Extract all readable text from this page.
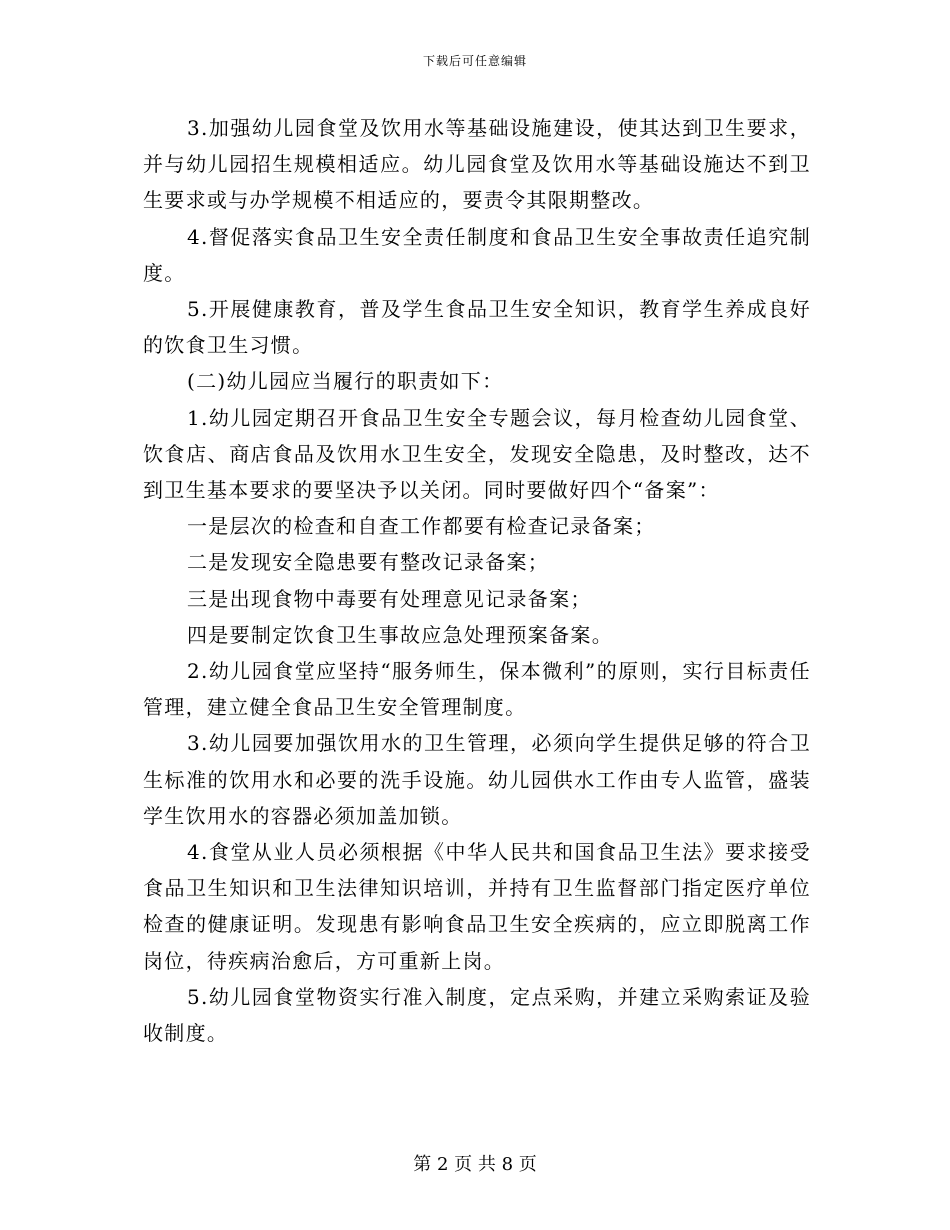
下载后可任意编辑

3.加强幼儿园食堂及饮用水等基础设施建设，使其达到卫生要求，并与幼儿园招生规模相适应。幼儿园食堂及饮用水等基础设施达不到卫生要求或与办学规模不相适应的，要责令其限期整改。

4.督促落实食品卫生安全责任制度和食品卫生安全事故责任追究制度。

5.开展健康教育，普及学生食品卫生安全知识，教育学生养成良好的饮食卫生习惯。

(二)幼儿园应当履行的职责如下：

1.幼儿园定期召开食品卫生安全专题会议，每月检查幼儿园食堂、饮食店、商店食品及饮用水卫生安全，发现安全隐患，及时整改，达不到卫生基本要求的要坚决予以关闭。同时要做好四个“备案”：

一是层次的检查和自查工作都要有检查记录备案；

二是发现安全隐患要有整改记录备案；

三是出现食物中毒要有处理意见记录备案；

四是要制定饮食卫生事故应急处理预案备案。

2.幼儿园食堂应坚持“服务师生，保本微利”的原则，实行目标责任管理，建立健全食品卫生安全管理制度。

3.幼儿园要加强饮用水的卫生管理，必须向学生提供足够的符合卫生标准的饮用水和必要的洗手设施。幼儿园供水工作由专人监管，盛装学生饮用水的容器必须加盖加锁。

4.食堂从业人员必须根据《中华人民共和国食品卫生法》要求接受食品卫生知识和卫生法律知识培训，并持有卫生监督部门指定医疗单位检查的健康证明。发现患有影响食品卫生安全疾病的，应立即脱离工作岗位，待疾病治愈后，方可重新上岗。

5.幼儿园食堂物资实行准入制度，定点采购，并建立采购索证及验收制度。

第 2 页 共 8 页
